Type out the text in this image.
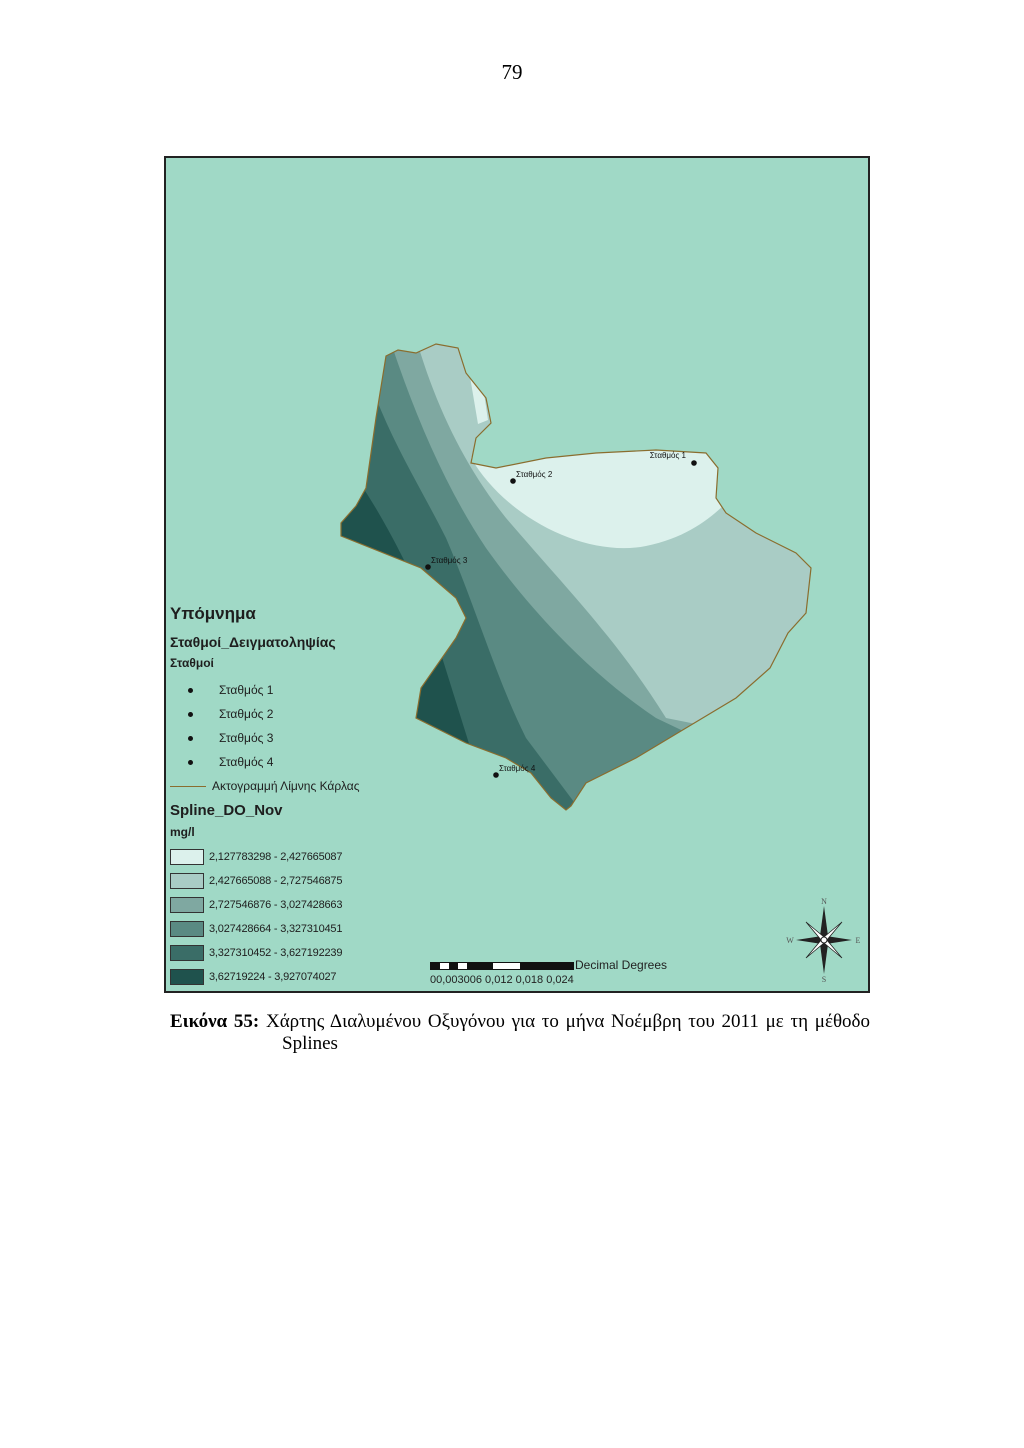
79
Σταθμός 1
Σταθμός 2
Σταθμός 3
Σταθμός 4
Υπόμνημα
Σταθμοί_Δειγματοληψίας
Σταθμοί
Σταθμός 1
Σταθμός 2
Σταθμός 3
Σταθμός 4
Ακτογραμμή Λίμνης Κάρλας
Spline_DO_Nov
mg/l
2,127783298 - 2,427665087
2,427665088 - 2,727546875
2,727546876 - 3,027428663
3,027428664 - 3,327310451
3,327310452 - 3,627192239
3,62719224 - 3,927074027
Decimal Degrees
00,003006 0,012 0,018 0,024
N
S
W	E
Εικόνα 55: Χάρτης Διαλυμένου Οξυγόνου για το μήνα Νοέμβρη του 2011 με τη μέθοδο
Splines
